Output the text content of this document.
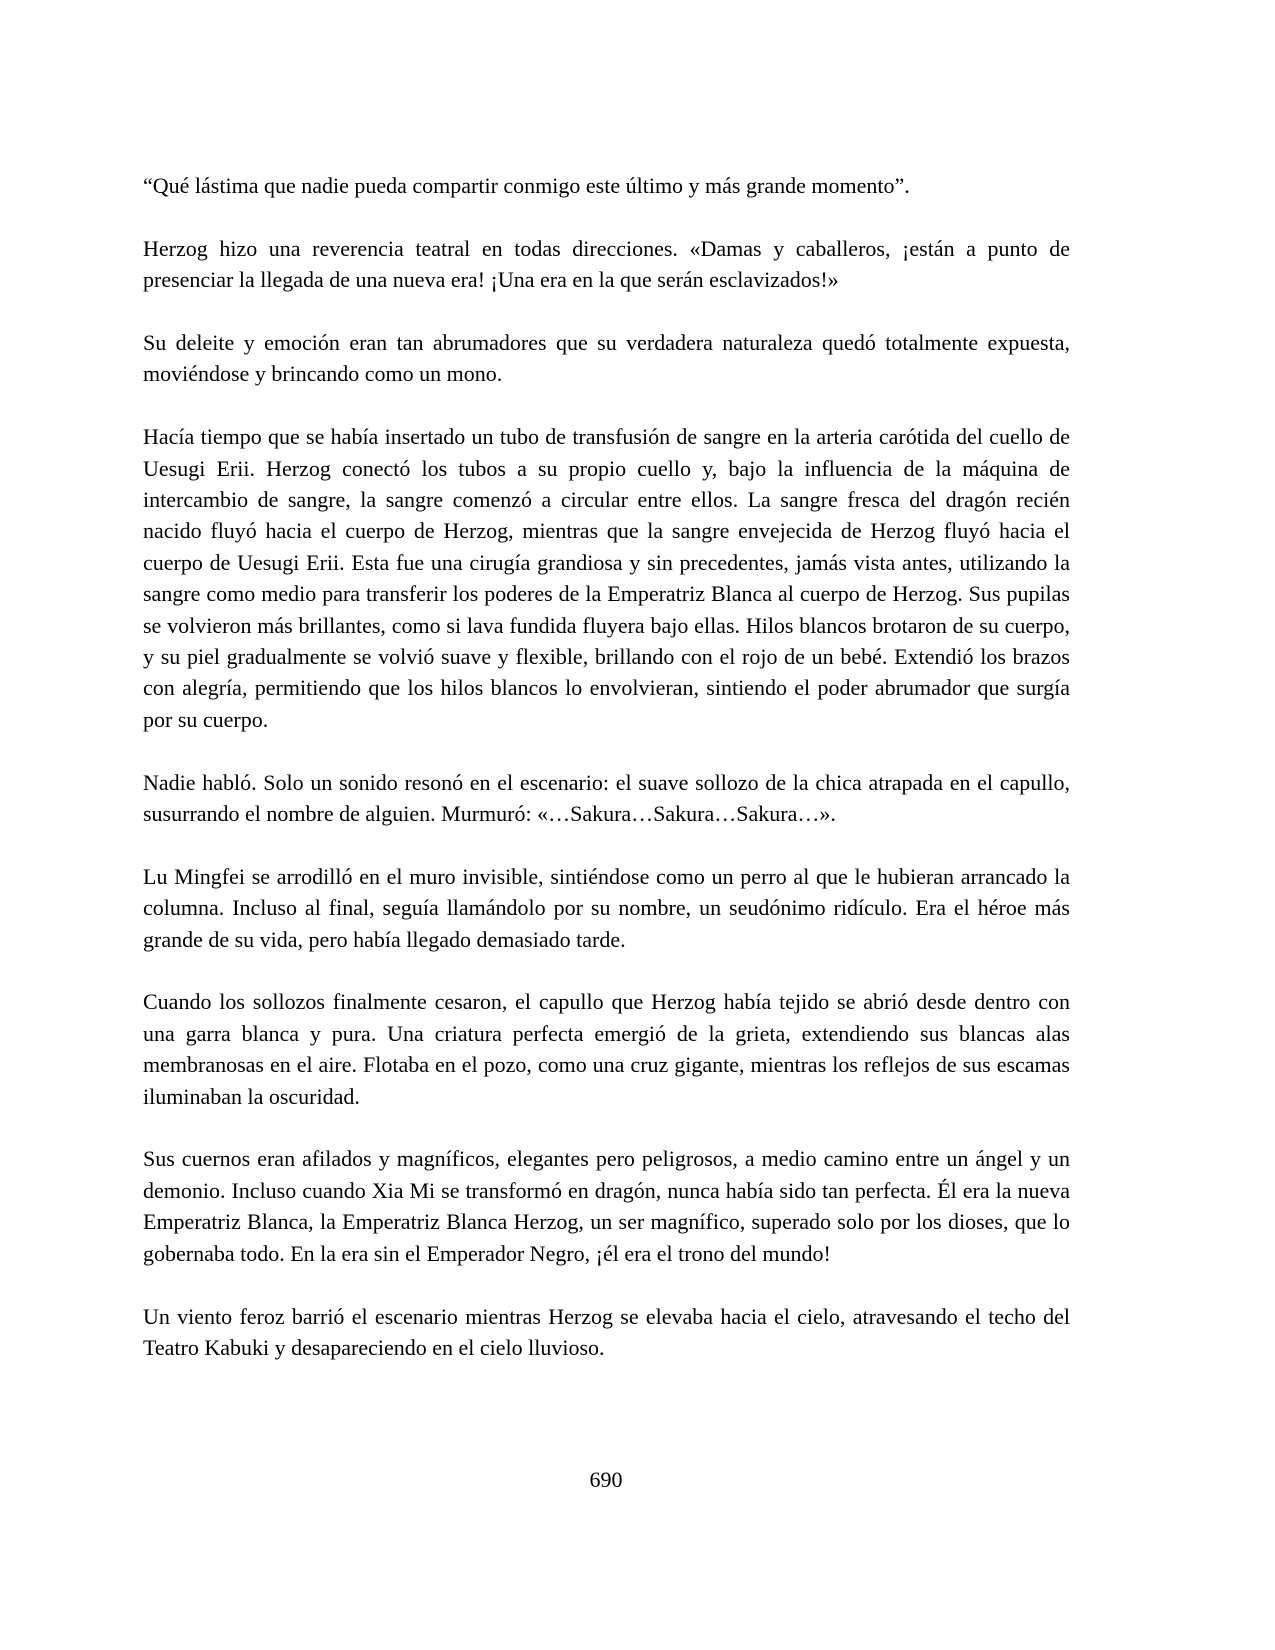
“Qué lástima que nadie pueda compartir conmigo este último y más grande momento”.

Herzog hizo una reverencia teatral en todas direcciones. «Damas y caballeros, ¡están a punto de presenciar la llegada de una nueva era! ¡Una era en la que serán esclavizados!»

Su deleite y emoción eran tan abrumadores que su verdadera naturaleza quedó totalmente expuesta, moviéndose y brincando como un mono.

Hacía tiempo que se había insertado un tubo de transfusión de sangre en la arteria carótida del cuello de Uesugi Erii. Herzog conectó los tubos a su propio cuello y, bajo la influencia de la máquina de intercambio de sangre, la sangre comenzó a circular entre ellos. La sangre fresca del dragón recién nacido fluyó hacia el cuerpo de Herzog, mientras que la sangre envejecida de Herzog fluyó hacia el cuerpo de Uesugi Erii. Esta fue una cirugía grandiosa y sin precedentes, jamás vista antes, utilizando la sangre como medio para transferir los poderes de la Emperatriz Blanca al cuerpo de Herzog. Sus pupilas se volvieron más brillantes, como si lava fundida fluyera bajo ellas. Hilos blancos brotaron de su cuerpo, y su piel gradualmente se volvió suave y flexible, brillando con el rojo de un bebé. Extendió los brazos con alegría, permitiendo que los hilos blancos lo envolvieran, sintiendo el poder abrumador que surgía por su cuerpo.

Nadie habló. Solo un sonido resonó en el escenario: el suave sollozo de la chica atrapada en el capullo, susurrando el nombre de alguien. Murmuró: «…Sakura…Sakura…Sakura…».

Lu Mingfei se arrodilló en el muro invisible, sintiéndose como un perro al que le hubieran arrancado la columna. Incluso al final, seguía llamándolo por su nombre, un seudónimo ridículo. Era el héroe más grande de su vida, pero había llegado demasiado tarde.

Cuando los sollozos finalmente cesaron, el capullo que Herzog había tejido se abrió desde dentro con una garra blanca y pura. Una criatura perfecta emergió de la grieta, extendiendo sus blancas alas membranosas en el aire. Flotaba en el pozo, como una cruz gigante, mientras los reflejos de sus escamas iluminaban la oscuridad.

Sus cuernos eran afilados y magníficos, elegantes pero peligrosos, a medio camino entre un ángel y un demonio. Incluso cuando Xia Mi se transformó en dragón, nunca había sido tan perfecta. Él era la nueva Emperatriz Blanca, la Emperatriz Blanca Herzog, un ser magnífico, superado solo por los dioses, que lo gobernaba todo. En la era sin el Emperador Negro, ¡él era el trono del mundo!

Un viento feroz barrió el escenario mientras Herzog se elevaba hacia el cielo, atravesando el techo del Teatro Kabuki y desapareciendo en el cielo lluvioso.

690
